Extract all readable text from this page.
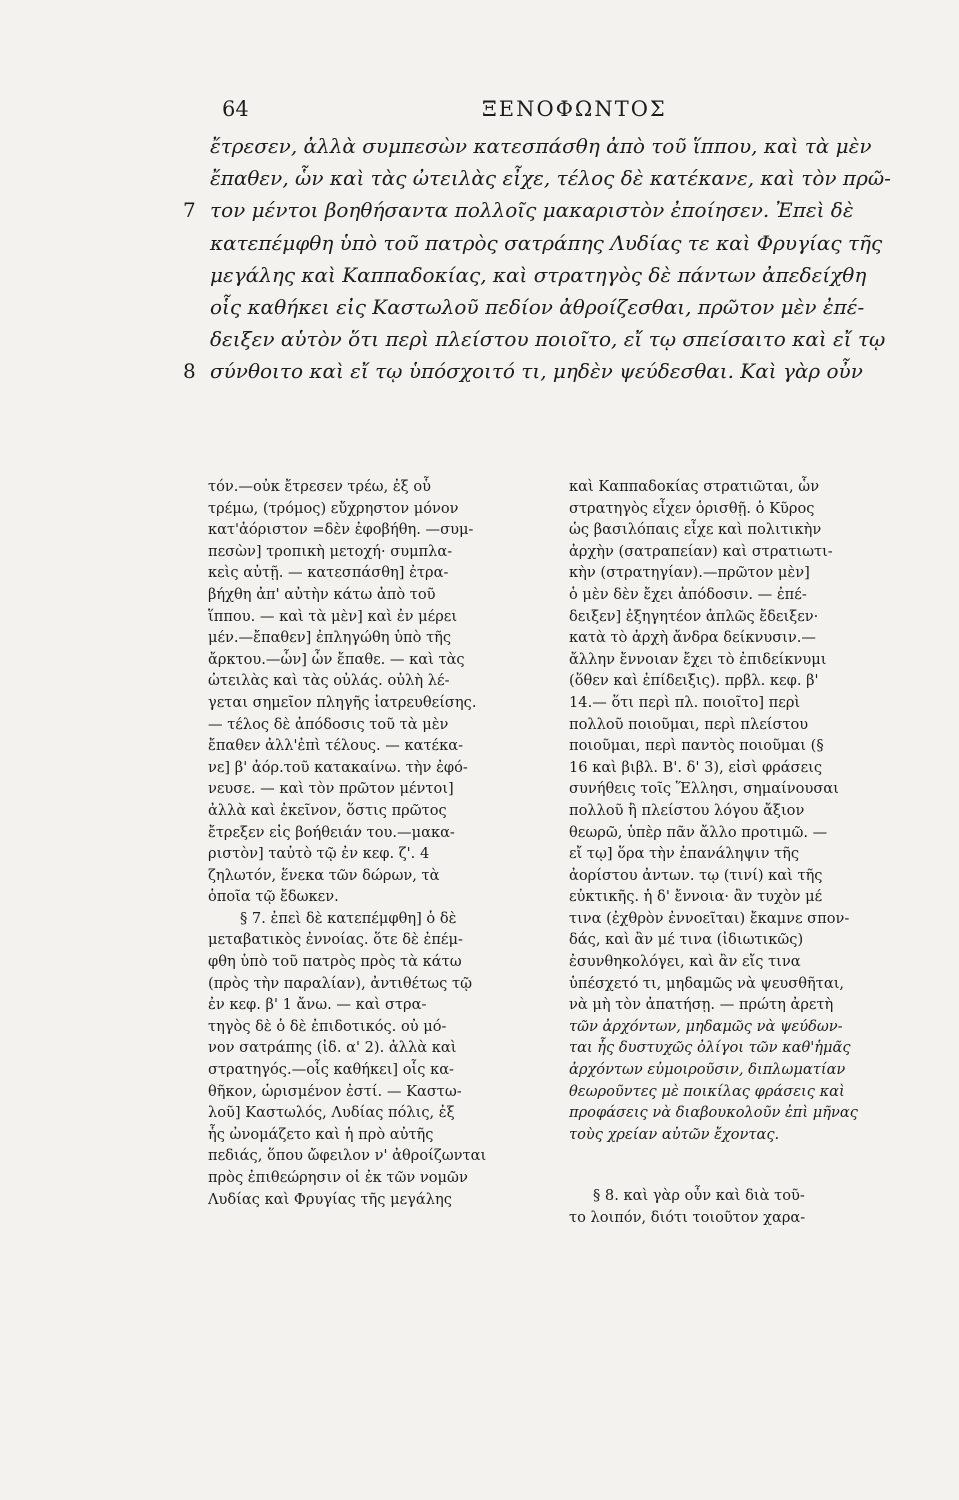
64	ΞΕΝΟΦΩΝΤΟΣ
ἔτρεσεν, ἀλλὰ συμπεσὼν κατεσπάσθη ἀπὸ τοῦ ἵππου, καὶ τὰ μὲν
ἔπαθεν, ὧν καὶ τὰς ὠτειλὰς εἶχε, τέλος δὲ κατέκανε, καὶ τὸν πρῶ-
7 τον μέντοι βοηθήσαντα πολλοῖς μακαριστὸν ἐποίησεν. Ἐπεὶ δὲ
κατεπέμφθη ὑπὸ τοῦ πατρὸς σατράπης Λυδίας τε καὶ Φρυγίας τῆς
μεγάλης καὶ Καππαδοκίας, καὶ στρατηγὸς δὲ πάντων ἀπεδείχθη
οἷς καθήκει εἰς Καστωλοῦ πεδίον ἀθροίζεσθαι, πρῶτον μὲν ἐπέ-
δειξεν αὑτὸν ὅτι περὶ πλείστου ποιοῖτο, εἴ τῳ σπείσαιτο καὶ εἴ τῳ
8 σύνθοιτο καὶ εἴ τῳ ὑπόσχοιτό τι, μηδὲν ψεύδεσθαι. Καὶ γὰρ οὖν

τόν.—οὐκ ἔτρεσεν τρέω, ἐξ οὗ

τρέμω, (τρόμος) εὔχρηστον μόνον

κατ'ἀόριστον =δὲν ἐφοβήθη. —συμ-

πεσὼν] τροπικὴ μετοχή· συμπλα-

κεὶς αὐτῇ. — κατεσπάσθη] ἐτρα-

βήχθη ἀπ' αὐτὴν κάτω ἀπὸ τοῦ

ἵππου. — καὶ τὰ μὲν] καὶ ἐν μέρει

μέν.—ἔπαθεν] ἐπληγώθη ὑπὸ τῆς

ἄρκτου.—ὧν] ὧν ἔπαθε. — καὶ τὰς

ὠτειλὰς καὶ τὰς οὐλάς. οὐλὴ λέ-

γεται σημεῖον πληγῆς ἰατρευθείσης.

— τέλος δὲ ἀπόδοσις τοῦ τὰ μὲν

ἔπαθεν ἀλλ'ἐπὶ τέλους. — κατέκα-

νε] β' ἀόρ.τοῦ κατακαίνω. τὴν ἐφό-

νευσε. — καὶ τὸν πρῶτον μέντοι]

ἀλλὰ καὶ ἐκεῖνον, ὅστις πρῶτος

ἔτρεξεν εἰς βοήθειάν του.—μακα-

ριστὸν] ταὐτὸ τῷ ἐν κεφ. ζ'. 4

ζηλωτόν, ἕνεκα τῶν δώρων, τὰ

ὁποῖα τῷ ἔδωκεν.

§ 7. ἐπεὶ δὲ κατεπέμφθη] ὁ δὲ

μεταβατικὸς ἐννοίας. ὅτε δὲ ἐπέμ-

φθη ὑπὸ τοῦ πατρὸς πρὸς τὰ κάτω

(πρὸς τὴν παραλίαν), ἀντιθέτως τῷ

ἐν κεφ. β' 1 ἄνω. — καὶ στρα-

τηγὸς δὲ ὁ δὲ ἐπιδοτικός. οὐ μό-

νον σατράπης (ἰδ. α' 2). ἀλλὰ καὶ

στρατηγός.—οἷς καθήκει] οἷς κα-

θῆκον, ὡρισμένον ἐστί. — Καστω-

λοῦ] Καστωλός, Λυδίας πόλις, ἐξ

ἧς ὠνομάζετο καὶ ἡ πρὸ αὐτῆς

πεδιάς, ὅπου ὤφειλον ν' ἀθροίζωνται

πρὸς ἐπιθεώρησιν οἱ ἐκ τῶν νομῶν

Λυδίας καὶ Φρυγίας τῆς μεγάλης

καὶ Καππαδοκίας στρατιῶται, ὧν

στρατηγὸς εἶχεν ὁρισθῇ. ὁ Κῦρος

ὡς βασιλόπαις εἶχε καὶ πολιτικὴν

ἀρχὴν (σατραπείαν) καὶ στρατιωτι-

κὴν (στρατηγίαν).—πρῶτον μὲν]

ὁ μὲν δὲν ἔχει ἀπόδοσιν. — ἐπέ-

δειξεν] ἐξηγητέον ἁπλῶς ἔδειξεν·

κατὰ τὸ ἀρχὴ ἄνδρα δείκνυσιν.—

ἄλλην ἔννοιαν ἔχει τὸ ἐπιδείκνυμι

(ὅθεν καὶ ἐπίδειξις). πρβλ. κεφ. β'

14.— ὅτι περὶ πλ. ποιοῖτο] περὶ

πολλοῦ ποιοῦμαι, περὶ πλείστου

ποιοῦμαι, περὶ παντὸς ποιοῦμαι (§

16 καὶ βιβλ. Β'. δ' 3), εἰσὶ φράσεις

συνήθεις τοῖς Ἕλλησι, σημαίνουσαι

πολλοῦ ἢ πλείστου λόγου ἄξιον

θεωρῶ, ὑπὲρ πᾶν ἄλλο προτιμῶ. —

εἴ τῳ] ὅρα τὴν ἐπανάληψιν τῆς

ἀορίστου ἀντων. τῳ (τινί) καὶ τῆς

εὐκτικῆς. ἡ δ' ἔννοια· ἂν τυχὸν μέ

τινα (ἐχθρὸν ἐννοεῖται) ἔκαμνε σπον-

δάς, καὶ ἂν μέ τινα (ἰδιωτικῶς)

ἐσυνθηκολόγει, καὶ ἂν εἴς τινα

ὑπέσχετό τι, μηδαμῶς νὰ ψευσθῆται,

νὰ μὴ τὸν ἀπατήσῃ. — πρώτη ἀρετὴ

τῶν ἀρχόντων, μηδαμῶς νὰ ψεύδων-

ται ἧς δυστυχῶς ὀλίγοι τῶν καθ'ἡμᾶς

ἀρχόντων εὐμοιροῦσιν, διπλωματίαν

θεωροῦντες μὲ ποικίλας φράσεις καὶ

προφάσεις νὰ διαβουκολοῦν ἐπὶ μῆνας

τοὺς χρείαν αὐτῶν ἔχοντας.

§ 8. καὶ γὰρ οὖν καὶ διὰ τοῦ-

το λοιπόν, διότι τοιοῦτον χαρα-
